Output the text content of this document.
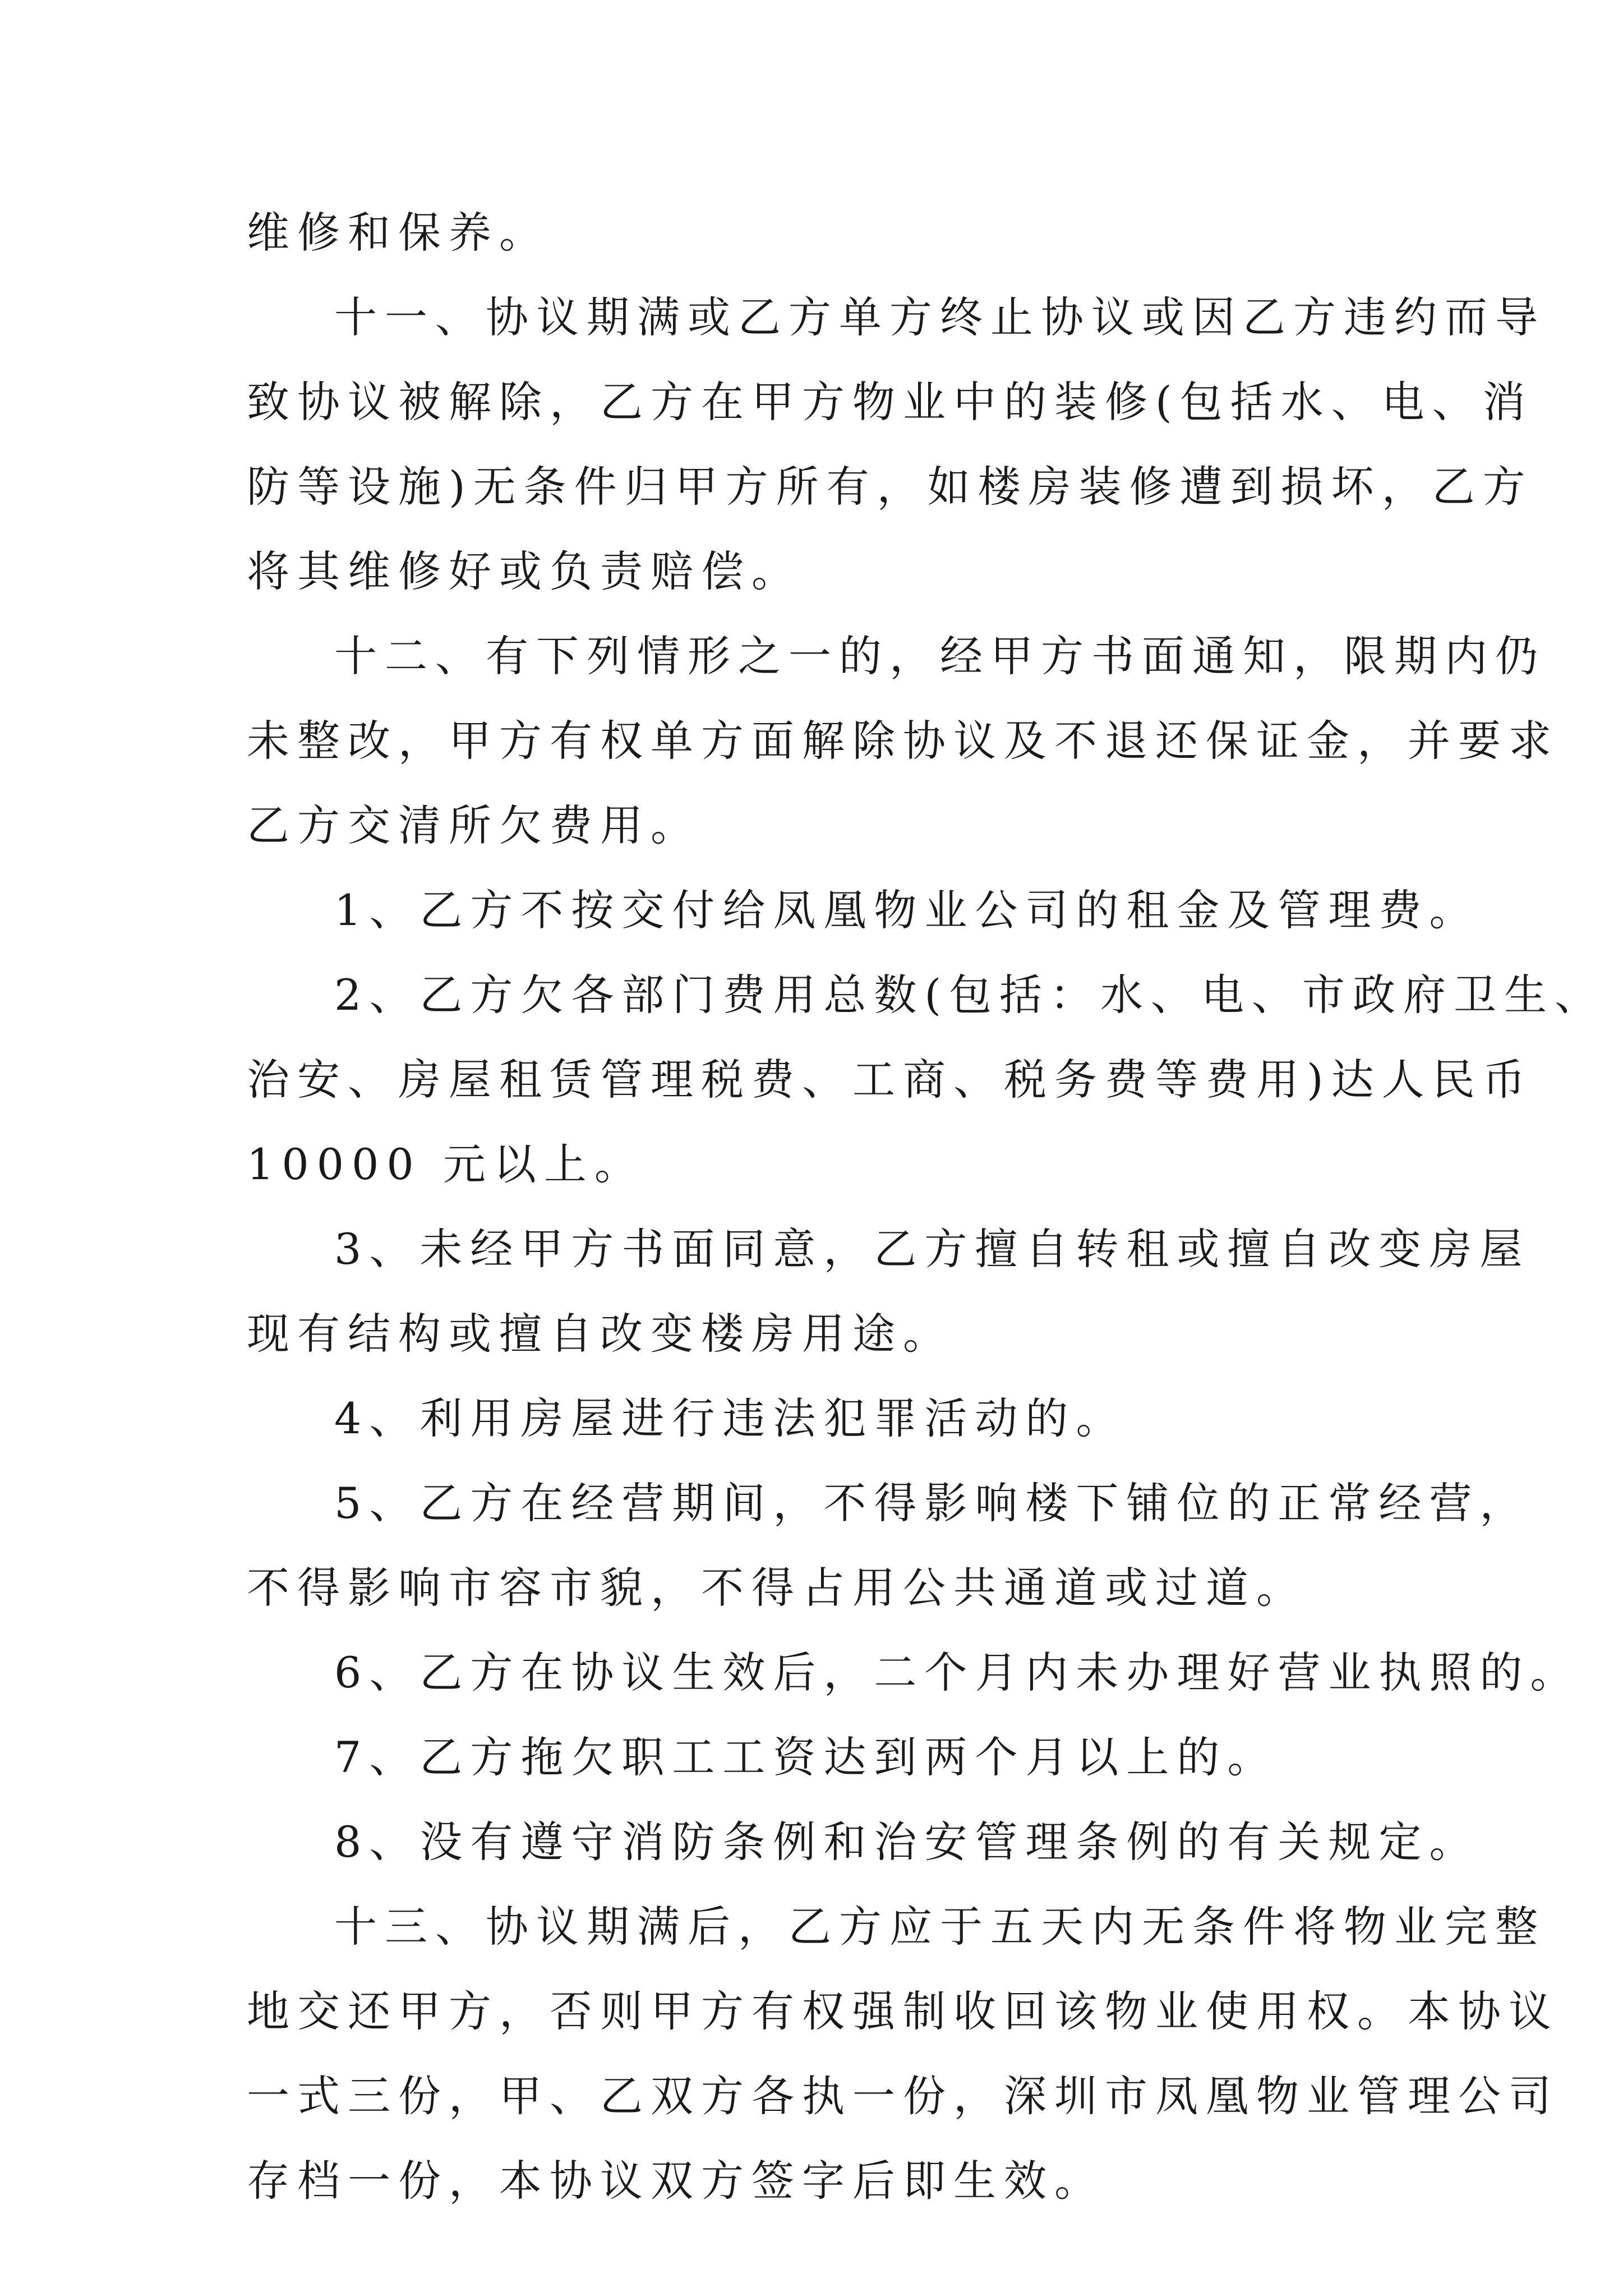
维修和保养。
十一、协议期满或乙方单方终止协议或因乙方违约而导
致协议被解除，乙方在甲方物业中的装修(包括水、电、消
防等设施)无条件归甲方所有，如楼房装修遭到损坏，乙方
将其维修好或负责赔偿。
十二、有下列情形之一的，经甲方书面通知，限期内仍
未整改，甲方有权单方面解除协议及不退还保证金，并要求
乙方交清所欠费用。
1、乙方不按交付给凤凰物业公司的租金及管理费。
2、乙方欠各部门费用总数(包括：水、电、市政府卫生、
治安、房屋租赁管理税费、工商、税务费等费用)达人民币
10000 元以上。
3、未经甲方书面同意，乙方擅自转租或擅自改变房屋
现有结构或擅自改变楼房用途。
4、利用房屋进行违法犯罪活动的。
5、乙方在经营期间，不得影响楼下铺位的正常经营，
不得影响市容市貌，不得占用公共通道或过道。
6、乙方在协议生效后，二个月内未办理好营业执照的。
7、乙方拖欠职工工资达到两个月以上的。
8、没有遵守消防条例和治安管理条例的有关规定。
十三、协议期满后，乙方应于五天内无条件将物业完整
地交还甲方，否则甲方有权强制收回该物业使用权。本协议
一式三份，甲、乙双方各执一份，深圳市凤凰物业管理公司
存档一份，本协议双方签字后即生效。
